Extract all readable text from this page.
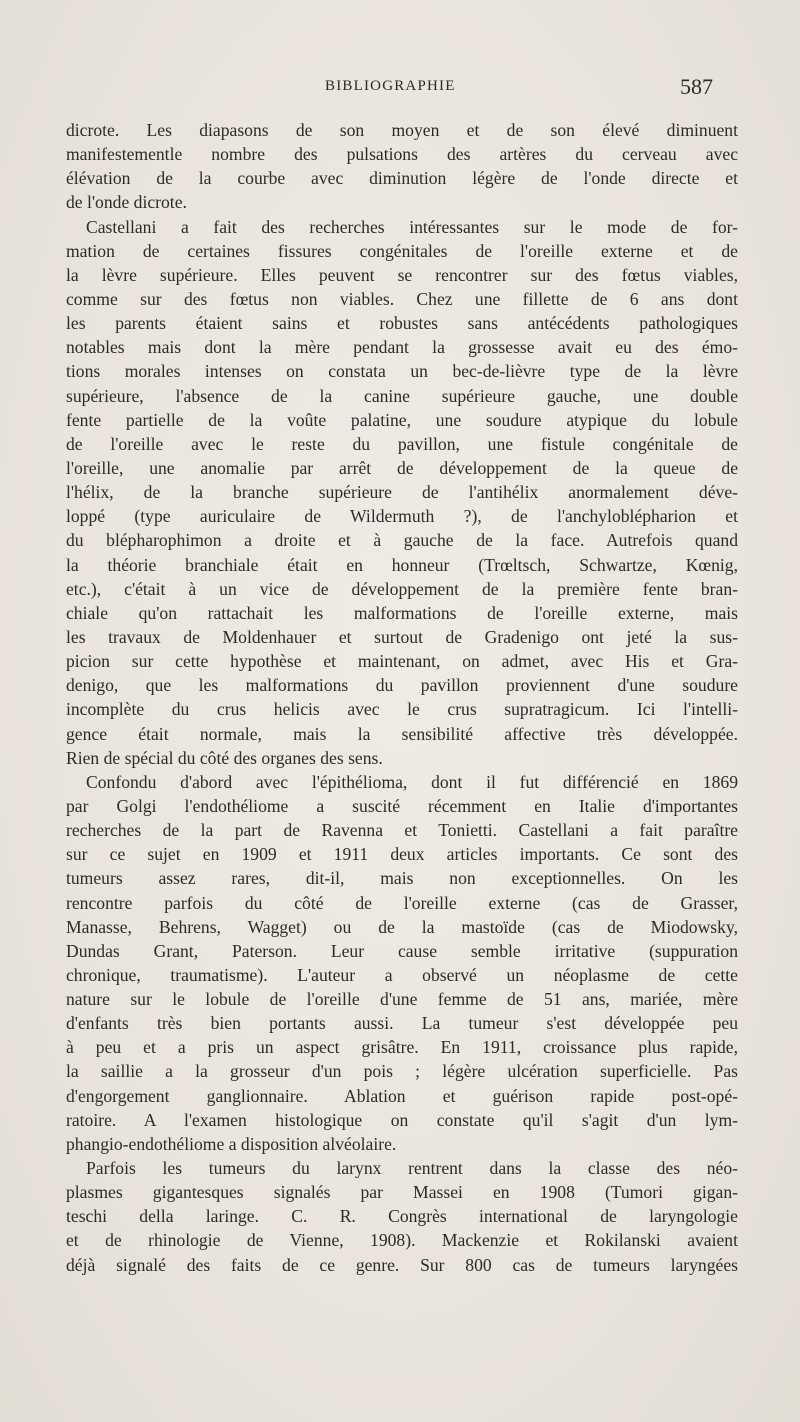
BIBLIOGRAPHIE	587
dicrote. Les diapasons de son moyen et de son élevé diminuent
manifestementle nombre des pulsations des artères du cerveau avec
élévation de la courbe avec diminution légère de l'onde directe et
de l'onde dicrote.
Castellani a fait des recherches intéressantes sur le mode de for-
mation de certaines fissures congénitales de l'oreille externe et de
la lèvre supérieure. Elles peuvent se rencontrer sur des fœtus viables,
comme sur des fœtus non viables. Chez une fillette de 6 ans dont
les parents étaient sains et robustes sans antécédents pathologiques
notables mais dont la mère pendant la grossesse avait eu des émo-
tions morales intenses on constata un bec-de-lièvre type de la lèvre
supérieure, l'absence de la canine supérieure gauche, une double
fente partielle de la voûte palatine, une soudure atypique du lobule
de l'oreille avec le reste du pavillon, une fistule congénitale de
l'oreille, une anomalie par arrêt de développement de la queue de
l'hélix, de la branche supérieure de l'antihélix anormalement déve-
loppé (type auriculaire de Wildermuth ?), de l'anchyloblépharion et
du blépharophimon a droite et à gauche de la face. Autrefois quand
la théorie branchiale était en honneur (Trœltsch, Schwartze, Kœnig,
etc.), c'était à un vice de développement de la première fente bran-
chiale qu'on rattachait les malformations de l'oreille externe, mais
les travaux de Moldenhauer et surtout de Gradenigo ont jeté la sus-
picion sur cette hypothèse et maintenant, on admet, avec His et Gra-
denigo, que les malformations du pavillon proviennent d'une soudure
incomplète du crus helicis avec le crus supratragicum. Ici l'intelli-
gence était normale, mais la sensibilité affective très développée.
Rien de spécial du côté des organes des sens.
Confondu d'abord avec l'épithélioma, dont il fut différencié en 1869
par Golgi l'endothéliome a suscité récemment en Italie d'importantes
recherches de la part de Ravenna et Tonietti. Castellani a fait paraître
sur ce sujet en 1909 et 1911 deux articles importants. Ce sont des
tumeurs assez rares, dit-il, mais non exceptionnelles. On les
rencontre parfois du côté de l'oreille externe (cas de Grasser,
Manasse, Behrens, Wagget) ou de la mastoïde (cas de Miodowsky,
Dundas Grant, Paterson. Leur cause semble irritative (suppuration
chronique, traumatisme). L'auteur a observé un néoplasme de cette
nature sur le lobule de l'oreille d'une femme de 51 ans, mariée, mère
d'enfants très bien portants aussi. La tumeur s'est développée peu
à peu et a pris un aspect grisâtre. En 1911, croissance plus rapide,
la saillie a la grosseur d'un pois ; légère ulcération superficielle. Pas
d'engorgement ganglionnaire. Ablation et guérison rapide post-opé-
ratoire. A l'examen histologique on constate qu'il s'agit d'un lym-
phangio-endothéliome a disposition alvéolaire.
Parfois les tumeurs du larynx rentrent dans la classe des néo-
plasmes gigantesques signalés par Massei en 1908 (Tumori gigan-
teschi della laringe. C. R. Congrès international de laryngologie
et de rhinologie de Vienne, 1908). Mackenzie et Rokilanski avaient
déjà signalé des faits de ce genre. Sur 800 cas de tumeurs laryngées
